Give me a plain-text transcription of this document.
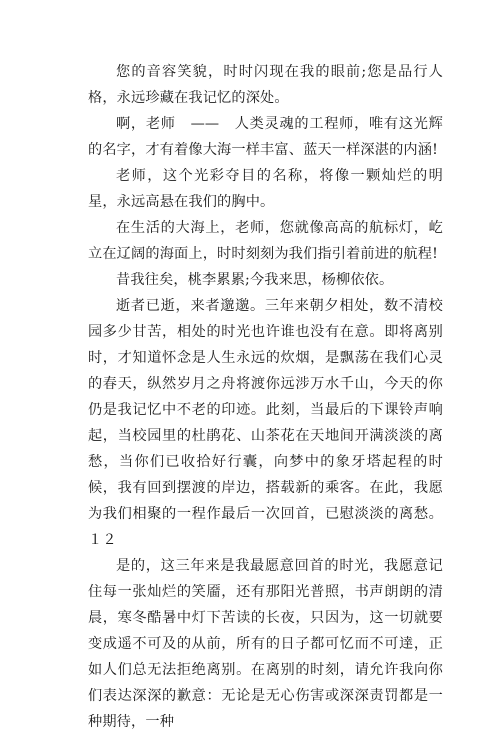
您的音容笑貌，时时闪现在我的眼前;您是品行人格，永远珍藏在我记忆的深处。

啊，老师　——　人类灵魂的工程师，唯有这光辉的名字，才有着像大海一样丰富、蓝天一样深湛的内涵!

老师，这个光彩夺目的名称，将像一颗灿烂的明星，永远高悬在我们的胸中。

在生活的大海上，老师，您就像高高的航标灯，屹立在辽阔的海面上，时时刻刻为我们指引着前进的航程!

昔我往矣，桃李累累;今我来思，杨柳依依。

逝者已逝，来者邈邈。三年来朝夕相处，数不清校园多少甘苦，相处的时光也许谁也没有在意。即将离别时，才知道怀念是人生永远的炊烟，是飘荡在我们心灵的春天，纵然岁月之舟将渡你远涉万水千山，今天的你仍是我记忆中不老的印迹。此刻，当最后的下课铃声响起，当校园里的杜鹃花、山茶花在天地间开满淡淡的离愁，当你们已收拾好行囊，向梦中的象牙塔起程的时候，我有回到摆渡的岸边，搭载新的乘客。在此，我愿为我们相聚的一程作最后一次回首，已慰淡淡的离愁。１２

是的，这三年来是我最愿意回首的时光，我愿意记住每一张灿烂的笑靥，还有那阳光普照，书声朗朗的清晨，寒冬酷暑中灯下苦读的长夜，只因为，这一切就要变成遥不可及的从前，所有的日子都可忆而不可達，正如人们总无法拒绝离别。在离别的时刻，请允许我向你们表达深深的歉意：无论是无心伤害或深深责罚都是一种期待，一种
